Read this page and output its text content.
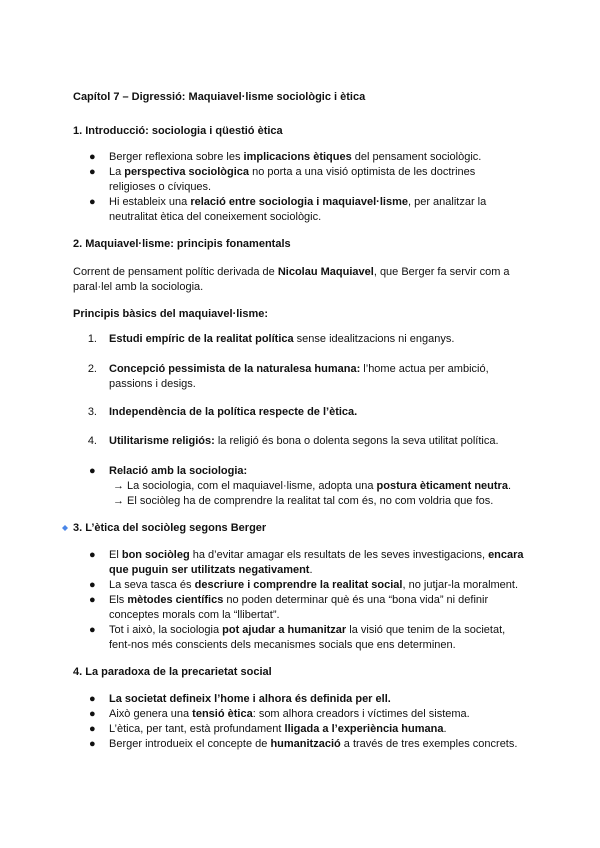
Capítol 7 – Digressió: Maquiavel·lisme sociològic i ètica
1. Introducció: sociologia i qüestió ètica
● Berger reflexiona sobre les implicacions ètiques del pensament sociològic.
● La perspectiva sociològica no porta a una visió optimista de les doctrines
religioses o cíviques.
● Hi estableix una relació entre sociologia i maquiavel·lisme, per analitzar la
neutralitat ètica del coneixement sociològic.
2. Maquiavel·lisme: principis fonamentals
Corrent de pensament polític derivada de Nicolau Maquiavel, que Berger fa servir com a
paral·lel amb la sociologia.
Principis bàsics del maquiavel·lisme:
1. Estudi empíric de la realitat política sense idealitzacions ni enganys.
2. Concepció pessimista de la naturalesa humana: l’home actua per ambició,
passions i desigs.
3. Independència de la política respecte de l’ètica.
4. Utilitarisme religiós: la religió és bona o dolenta segons la seva utilitat política.
● Relació amb la sociologia:
→ La sociologia, com el maquiavel·lisme, adopta una postura èticament neutra.
→ El sociòleg ha de comprendre la realitat tal com és, no com voldria que fos.
3. L’ètica del sociòleg segons Berger
● El bon sociòleg ha d’evitar amagar els resultats de les seves investigacions, encara
que puguin ser utilitzats negativament.
● La seva tasca és descriure i comprendre la realitat social, no jutjar-la moralment.
● Els mètodes científics no poden determinar què és una “bona vida” ni definir
conceptes morals com la “llibertat”.
● Tot i això, la sociologia pot ajudar a humanitzar la visió que tenim de la societat,
fent-nos més conscients dels mecanismes socials que ens determinen.
4. La paradoxa de la precarietat social
● La societat defineix l’home i alhora és definida per ell.
● Això genera una tensió ètica: som alhora creadors i víctimes del sistema.
● L’ètica, per tant, està profundament lligada a l’experiència humana.
● Berger introdueix el concepte de humanització a través de tres exemples concrets.
